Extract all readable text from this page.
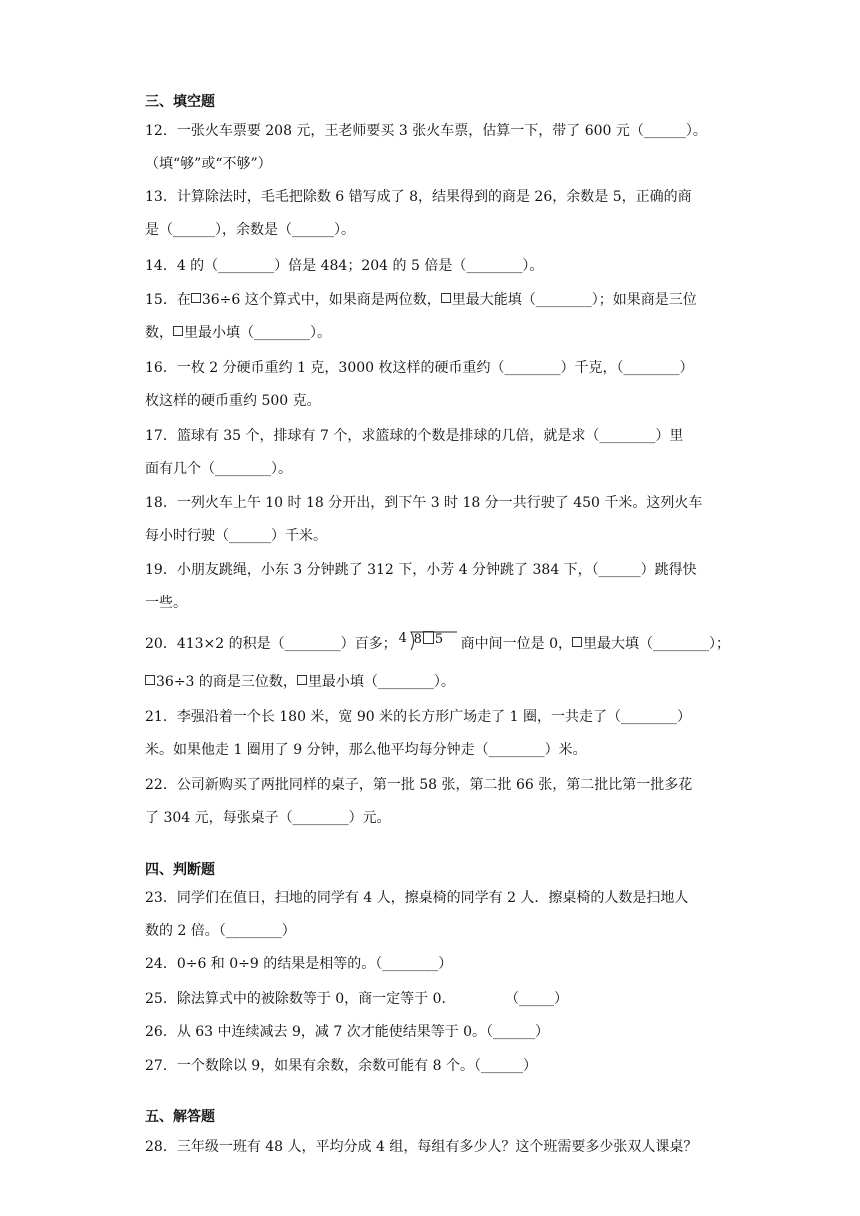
三、填空题
12．一张火车票要 208 元，王老师要买 3 张火车票，估算一下，带了 600 元（______）。
（填“够”或“不够”）
13．计算除法时，毛毛把除数 6 错写成了 8，结果得到的商是 26，余数是 5，正确的商
是（______），余数是（______）。
14．4 的（________）倍是 484；204 的 5 倍是（________）。
15．在 36÷6 这个算式中，如果商是两位数， 里最大能填（________）；如果商是三位
数， 里最小填（________）。
16．一枚 2 分硬币重约 1 克，3000 枚这样的硬币重约（________）千克，（________）
枚这样的硬币重约 500 克。
17．篮球有 35 个，排球有 7 个，求篮球的个数是排球的几倍，就是求（________）里
面有几个（________）。
18．一列火车上午 10 时 18 分开出，到下午 3 时 18 分一共行驶了 450 千米。这列火车
每小时行驶（______）千米。
19．小朋友跳绳，小东 3 分钟跳了 312 下，小芳 4 分钟跳了 384 下，（______）跳得快
一些。
20．413×2 的积是（________）百多； 4 8 5 商中间一位是 0， 里最大填（________）；
36÷3 的商是三位数， 里最小填（________）。
21．李强沿着一个长 180 米，宽 90 米的长方形广场走了 1 圈，一共走了（________）
米。如果他走 1 圈用了 9 分钟，那么他平均每分钟走（________）米。
22．公司新购买了两批同样的桌子，第一批 58 张，第二批 66 张，第二批比第一批多花
了 304 元，每张桌子（________）元。
四、判断题
23．同学们在值日，扫地的同学有 4 人，擦桌椅的同学有 2 人．擦桌椅的人数是扫地人
数的 2 倍。（________）
24．0÷6 和 0÷9 的结果是相等的。（________）
25．除法算式中的被除数等于 0，商一定等于 0．	（_____）
26．从 63 中连续减去 9，减 7 次才能使结果等于 0。（______）
27．一个数除以 9，如果有余数，余数可能有 8 个。（______）
五、解答题
28．三年级一班有 48 人，平均分成 4 组，每组有多少人？这个班需要多少张双人课桌？
